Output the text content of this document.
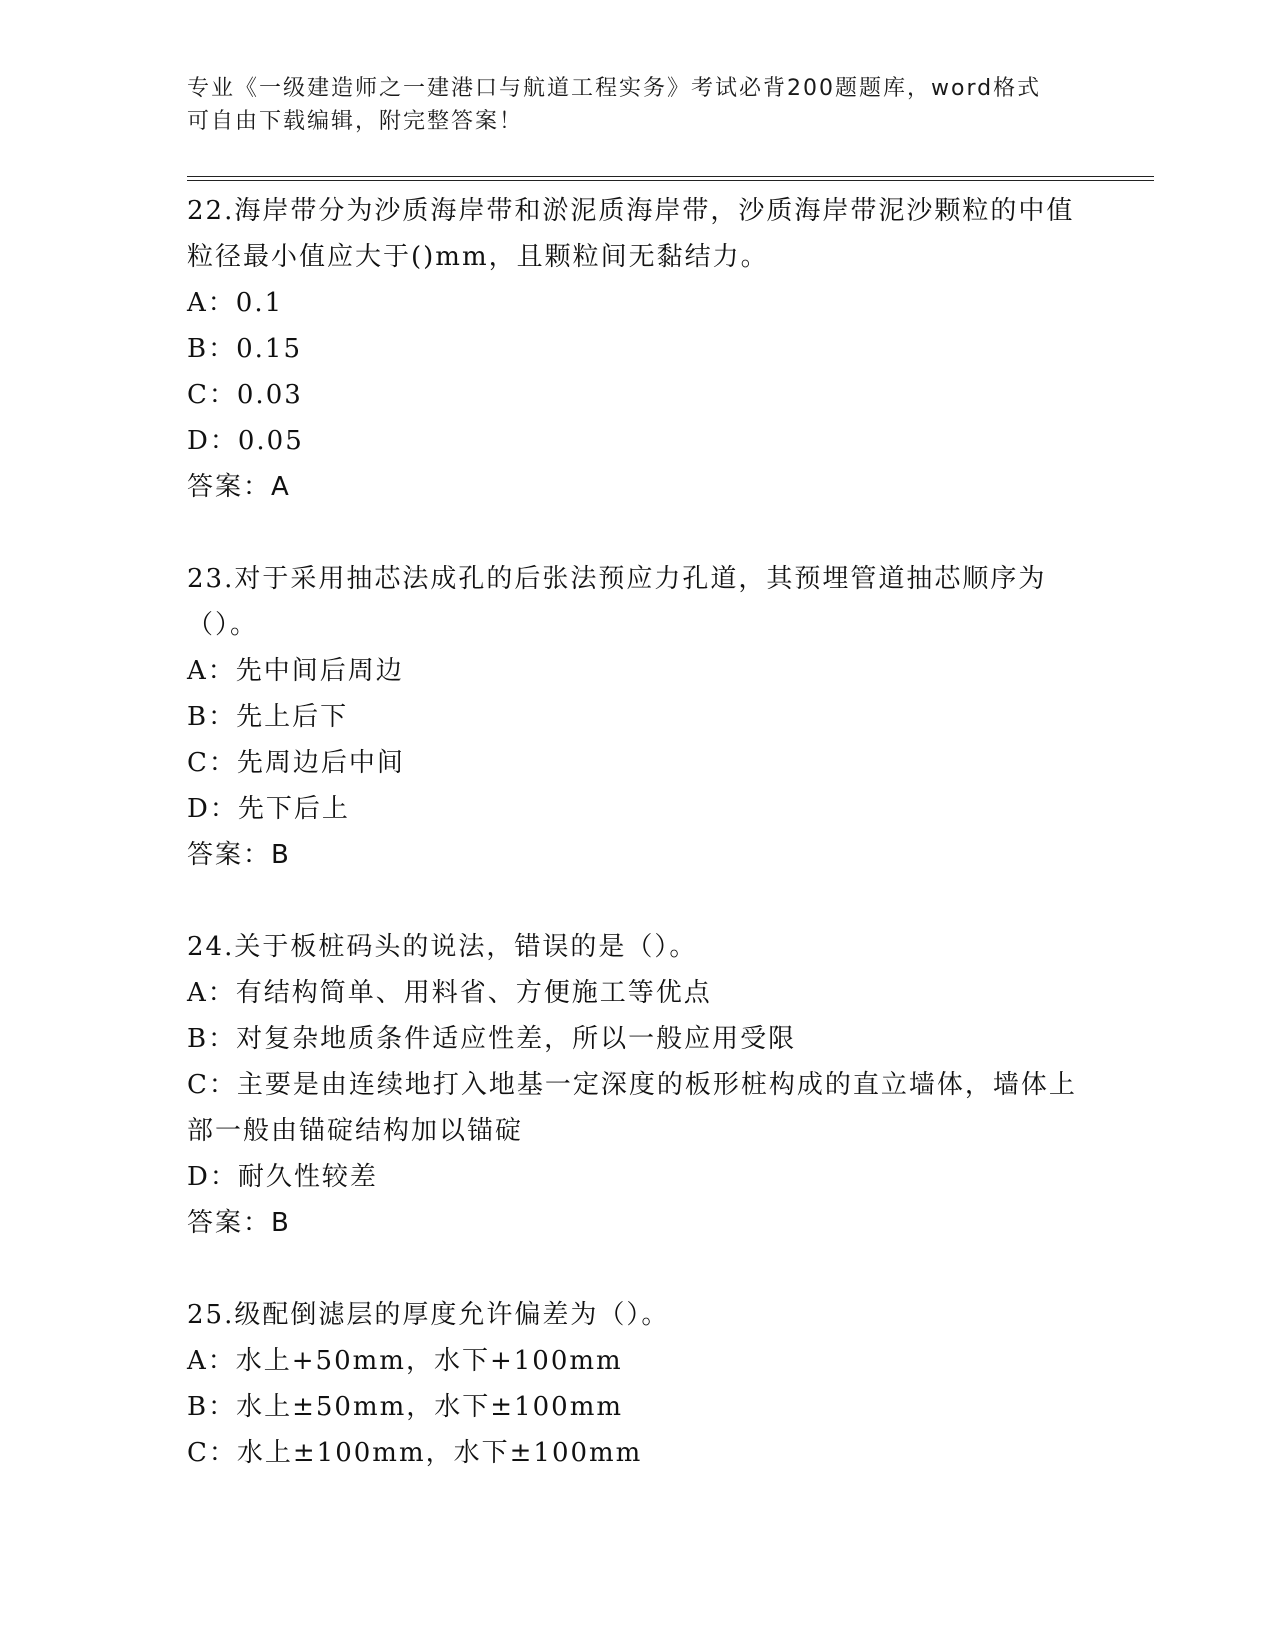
专业《一级建造师之一建港口与航道工程实务》考试必背200题题库，word格式
可自由下载编辑，附完整答案！

22.海岸带分为沙质海岸带和淤泥质海岸带，沙质海岸带泥沙颗粒的中值粒径最小值应大于()mm，且颗粒间无黏结力。

A：0.1

B：0.15

C：0.03

D：0.05

答案：A

23.对于采用抽芯法成孔的后张法预应力孔道，其预埋管道抽芯顺序为（）。

A：先中间后周边

B：先上后下

C：先周边后中间

D：先下后上

答案：B

24.关于板桩码头的说法，错误的是（）。

A：有结构简单、用料省、方便施工等优点

B：对复杂地质条件适应性差，所以一般应用受限

C：主要是由连续地打入地基一定深度的板形桩构成的直立墙体，墙体上部一般由锚碇结构加以锚碇

D：耐久性较差

答案：B

25.级配倒滤层的厚度允许偏差为（）。

A：水上+50mm，水下+100mm

B：水上±50mm，水下±100mm

C：水上±100mm，水下±100mm
